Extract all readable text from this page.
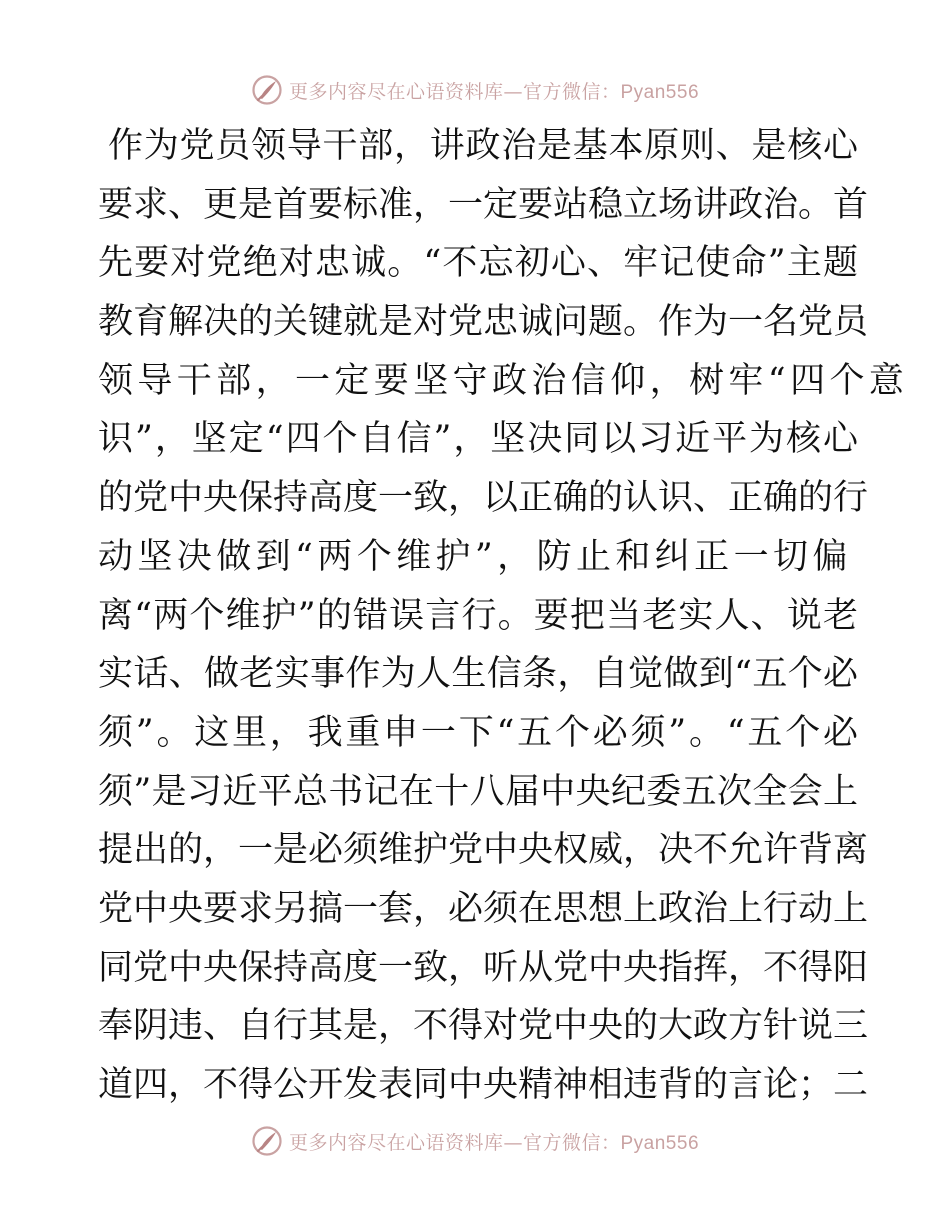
更多内容尽在心语资料库—官方微信：Pyan556
作为党员领导干部，讲政治是基本原则、是核心
要求、更是首要标准，一定要站稳立场讲政治。首
先要对党绝对忠诚。“不忘初心、牢记使命”主题
教育解决的关键就是对党忠诚问题。作为一名党员
领导干部，一定要坚守政治信仰，树牢“四个意
识”，坚定“四个自信”，坚决同以习近平为核心
的党中央保持高度一致，以正确的认识、正确的行
动坚决做到“两个维护”，防止和纠正一切偏
离“两个维护”的错误言行。要把当老实人、说老
实话、做老实事作为人生信条，自觉做到“五个必
须”。这里，我重申一下“五个必须”。“五个必
须”是习近平总书记在十八届中央纪委五次全会上
提出的，一是必须维护党中央权威，决不允许背离
党中央要求另搞一套，必须在思想上政治上行动上
同党中央保持高度一致，听从党中央指挥，不得阳
奉阴违、自行其是，不得对党中央的大政方针说三
道四，不得公开发表同中央精神相违背的言论；二
更多内容尽在心语资料库—官方微信：Pyan556
